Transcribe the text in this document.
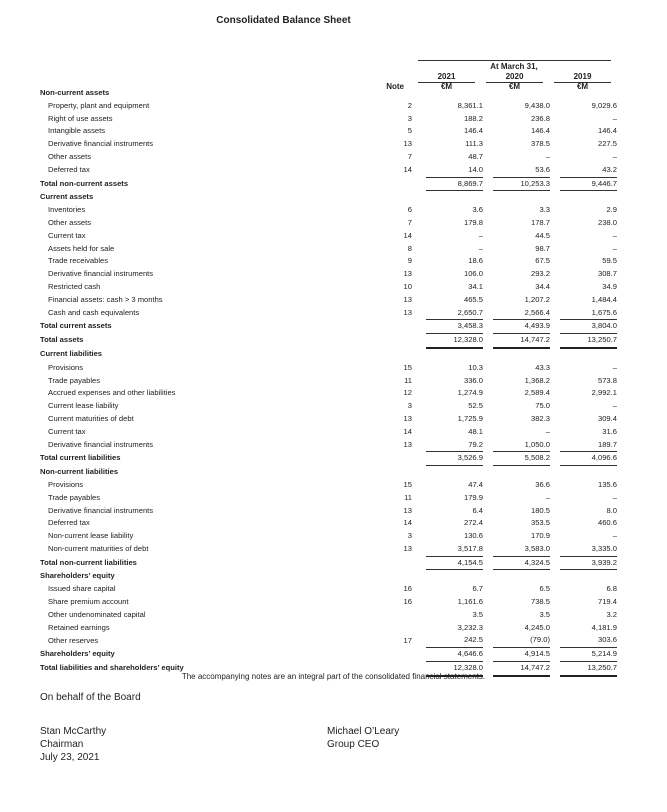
Consolidated Balance Sheet
At March 31,
2021	2020	2019
Note	€M	€M	€M
Non-current assets							
Property, plant and equipment	2		8,361.1		9,438.0		9,029.6
Right of use assets	3		188.2		236.8		–
Intangible assets	5		146.4		146.4		146.4
Derivative financial instruments	13		111.3		378.5		227.5
Other assets	7		48.7		–		–
Deferred tax	14		14.0		53.6		43.2
Total non-current assets			8,869.7		10,253.3		9,446.7
Current assets							
Inventories	6		3.6		3.3		2.9
Other assets	7		179.8		178.7		238.0
Current tax	14		–		44.5		–
Assets held for sale	8		–		98.7		–
Trade receivables	9		18.6		67.5		59.5
Derivative financial instruments	13		106.0		293.2		308.7
Restricted cash	10		34.1		34.4		34.9
Financial assets: cash > 3 months	13		465.5		1,207.2		1,484.4
Cash and cash equivalents	13		2,650.7		2,566.4		1,675.6
Total current assets			3,458.3		4,493.9		3,804.0
Total assets			12,328.0		14,747.2		13,250.7
Current liabilities							
Provisions	15		10.3		43.3		–
Trade payables	11		336.0		1,368.2		573.8
Accrued expenses and other liabilities	12		1,274.9		2,589.4		2,992.1
Current lease liability	3		52.5		75.0		–
Current maturities of debt	13		1,725.9		382.3		309.4
Current tax	14		48.1		–		31.6
Derivative financial instruments	13		79.2		1,050.0		189.7
Total current liabilities			3,526.9		5,508.2		4,096.6
Non-current liabilities							
Provisions	15		47.4		36.6		135.6
Trade payables	11		179.9		–		–
Derivative financial instruments	13		6.4		180.5		8.0
Deferred tax	14		272.4		353.5		460.6
Non-current lease liability	3		130.6		170.9		–
Non-current maturities of debt	13		3,517.8		3,583.0		3,335.0
Total non-current liabilities			4,154.5		4,324.5		3,939.2
Shareholders’ equity							
Issued share capital	16		6.7		6.5		6.8
Share premium account	16		1,161.6		738.5		719.4
Other undenominated capital			3.5		3.5		3.2
Retained earnings			3,232.3		4,245.0		4,181.9
Other reserves	17		242.5		(79.0)		303.6
Shareholders’ equity			4,646.6		4,914.5		5,214.9
Total liabilities and shareholders’ equity			12,328.0		14,747.2		13,250.7
The accompanying notes are an integral part of the consolidated financial statements.
On behalf of the Board
Stan McCarthy
Chairman
July 23, 2021
Michael O’Leary
Group CEO
